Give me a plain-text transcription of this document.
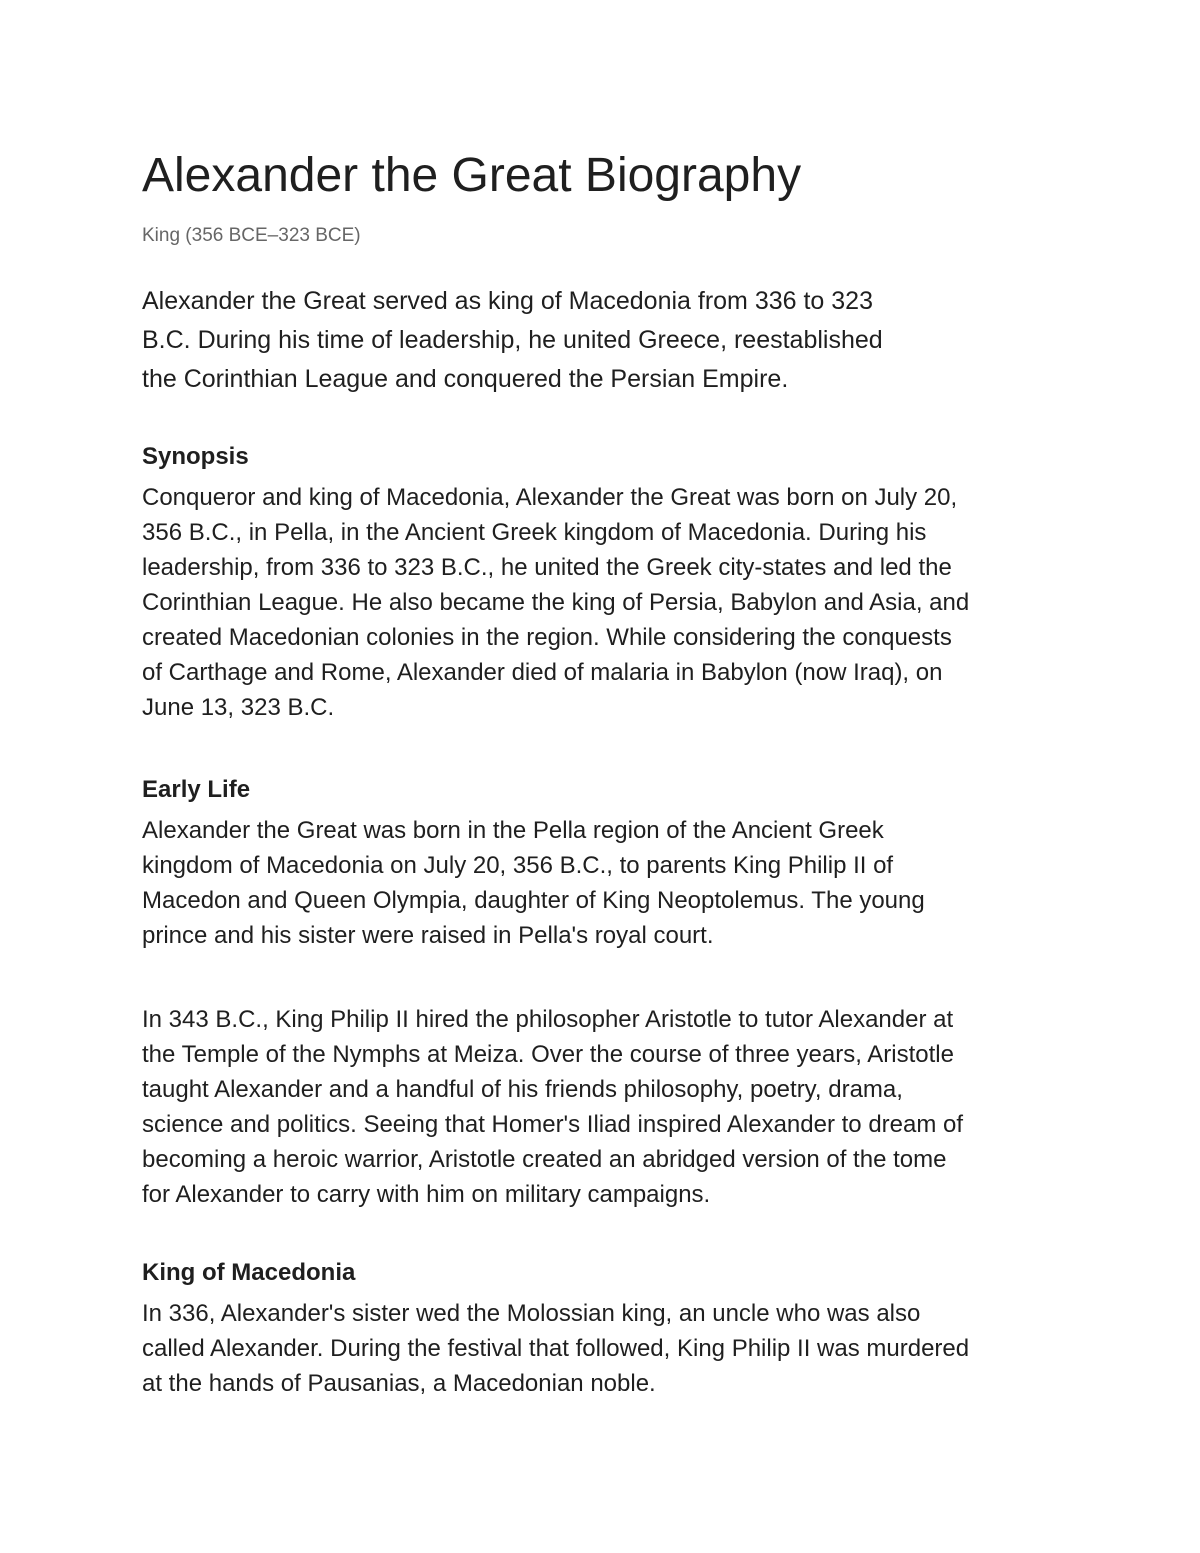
Alexander the Great Biography

King (356 BCE–323 BCE)

Alexander the Great served as king of Macedonia from 336 to 323
B.C. During his time of leadership, he united Greece, reestablished
the Corinthian League and conquered the Persian Empire.

Synopsis

Conqueror and king of Macedonia, Alexander the Great was born on July 20,
356 B.C., in Pella, in the Ancient Greek kingdom of Macedonia. During his
leadership, from 336 to 323 B.C., he united the Greek city-states and led the
Corinthian League. He also became the king of Persia, Babylon and Asia, and
created Macedonian colonies in the region. While considering the conquests
of Carthage and Rome, Alexander died of malaria in Babylon (now Iraq), on
June 13, 323 B.C.

Early Life

Alexander the Great was born in the Pella region of the Ancient Greek
kingdom of Macedonia on July 20, 356 B.C., to parents King Philip II of
Macedon and Queen Olympia, daughter of King Neoptolemus. The young
prince and his sister were raised in Pella's royal court.

In 343 B.C., King Philip II hired the philosopher Aristotle to tutor Alexander at
the Temple of the Nymphs at Meiza. Over the course of three years, Aristotle
taught Alexander and a handful of his friends philosophy, poetry, drama,
science and politics. Seeing that Homer's Iliad inspired Alexander to dream of
becoming a heroic warrior, Aristotle created an abridged version of the tome
for Alexander to carry with him on military campaigns.

King of Macedonia

In 336, Alexander's sister wed the Molossian king, an uncle who was also
called Alexander. During the festival that followed, King Philip II was murdered
at the hands of Pausanias, a Macedonian noble.
